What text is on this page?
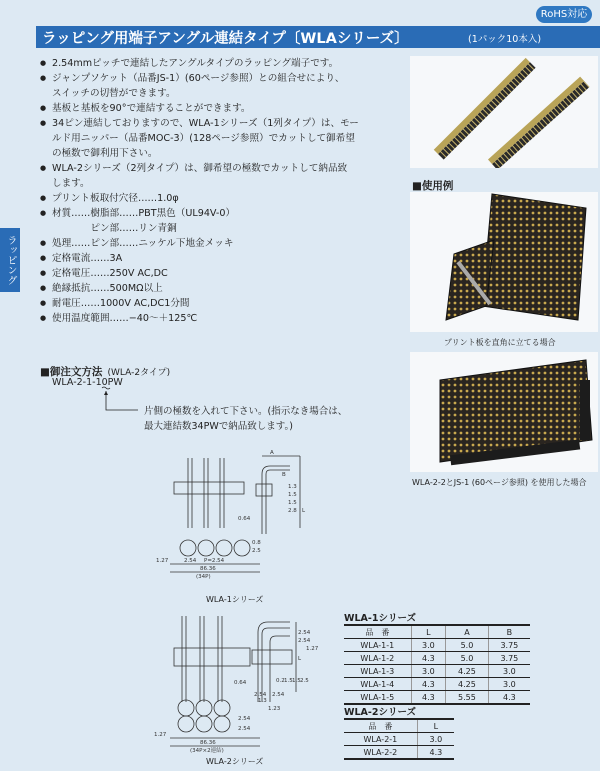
RoHS対応
ラッピング用端子アングル連結タイプ〔WLAシリーズ〕	(1パック10本入)
ラッピング
● 2.54mmピッチで連結したアングルタイプのラッピング端子です。
● ジャンプソケット（品番JS-1）(60ページ参照）との組合せにより、
スイッチの切替ができます。
● 基板と基板を90°で連結することができます。
● 34ピン連結しておりますので、WLA-1シリーズ（1列タイプ）は、モー
ルド用ニッパー（品番MOC-3）(128ページ参照）でカットして御希望
の極数で御利用下さい。
● WLA-2シリーズ（2列タイプ）は、御希望の極数でカットして納品致
します。
● プリント板取付穴径……1.0φ
● 材質……樹脂部……PBT黒色（UL94V-0）
　　　　ピン部……リン青銅
● 処理……ピン部……ニッケル下地金メッキ
● 定格電流……3A
● 定格電圧……250V AC,DC
● 絶縁抵抗……500MΩ以上
● 耐電圧……1000V AC,DC1分間
● 使用温度範囲……−40〜＋125℃
■御注文方法 (WLA-2タイプ)
WLA-2-1-10PW
片側の極数を入れて下さい。(指示なき場合は、
最大連結数34PWで納品致します。)
■使用例
プリント板を直角に立てる場合
WLA-2-2とJS-1 (60ページ参照) を使用した場合
A
B
1.3
1.5
1.5
2.8
0.64
L
1.27	2.54 P=2.54
86.36
(34P)
2.5
0.8
WLA-1シリーズ
2.54
2.54
0.64
L
0.2 1.5 1.5 2.5
1.27
1.3
1.23
2.54 2.54
1.27
86.36
(34P×2連結)
2.54
2.54
WLA-2シリーズ
WLA-1シリーズ
品　番	L	A	B
WLA-1-1	3.0	5.0	3.75
WLA-1-2	4.3	5.0	3.75
WLA-1-3	3.0	4.25	3.0
WLA-1-4	4.3	4.25	3.0
WLA-1-5	4.3	5.55	4.3
WLA-2シリーズ
品　番	L
WLA-2-1	3.0
WLA-2-2	4.3
